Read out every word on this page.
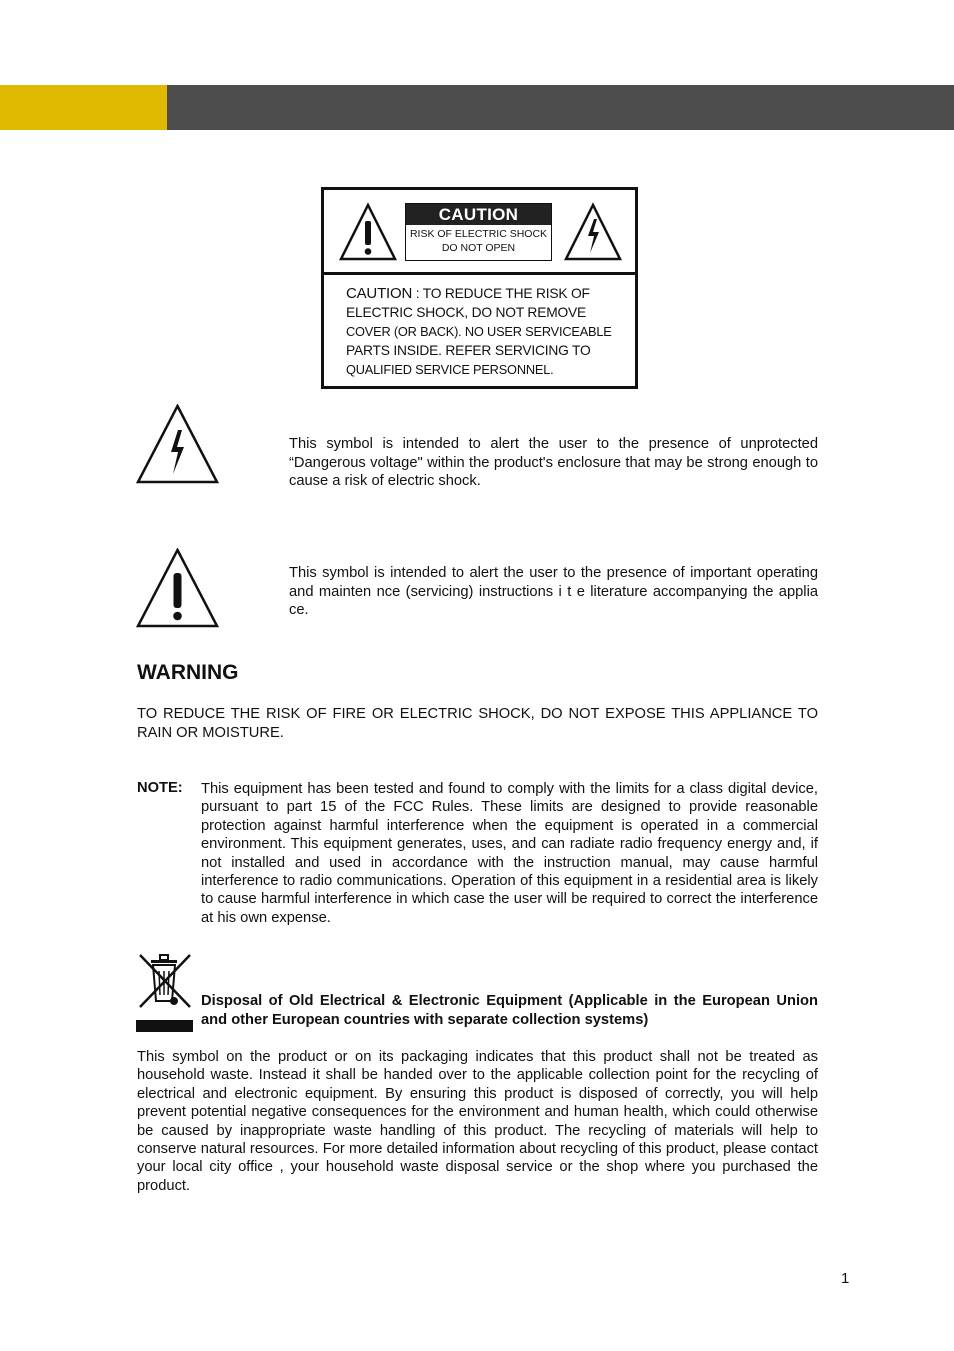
CAUTION
RISK OF ELECTRIC SHOCK
DO NOT OPEN
CAUTION : TO REDUCE THE RISK OF
ELECTRIC SHOCK, DO NOT REMOVE
COVER (OR BACK). NO USER SERVICEABLE
PARTS INSIDE. REFER SERVICING TO
QUALIFIED SERVICE PERSONNEL.
This symbol is intended to alert the user to the presence of unprotected “Dangerous voltage" within the product's enclosure that may be strong enough to cause a risk of electric shock.
This symbol is intended to alert the user to the presence of important operating and mainten nce (servicing) instructions i t e literature accompanying the applia ce.
WARNING
TO REDUCE THE RISK OF FIRE OR ELECTRIC SHOCK, DO NOT EXPOSE THIS APPLIANCE TO RAIN OR MOISTURE.
NOTE: This equipment has been tested and found to comply with the limits for a class digital device, pursuant to part 15 of the FCC Rules. These limits are designed to provide reasonable protection against harmful interference when the equipment is operated in a commercial environment. This equipment generates, uses, and can radiate radio frequency energy and, if not installed and used in accordance with the instruction manual, may cause harmful interference to radio communications. Operation of this equipment in a residential area is likely to cause harmful interference in which case the user will be required to correct the interference at his own expense.
Disposal of Old Electrical & Electronic Equipment (Applicable in the European Union and other European countries with separate collection systems)
This symbol on the product or on its packaging indicates that this product shall not be treated as household waste. Instead it shall be handed over to the applicable collection point for the recycling of electrical and electronic equipment. By ensuring this product is disposed of correctly, you will help prevent potential negative consequences for the environment and human health, which could otherwise be caused by inappropriate waste handling of this product. The recycling of materials will help to conserve natural resources. For more detailed information about recycling of this product, please contact your local city office , your household waste disposal service or the shop where you purchased the product.
1
